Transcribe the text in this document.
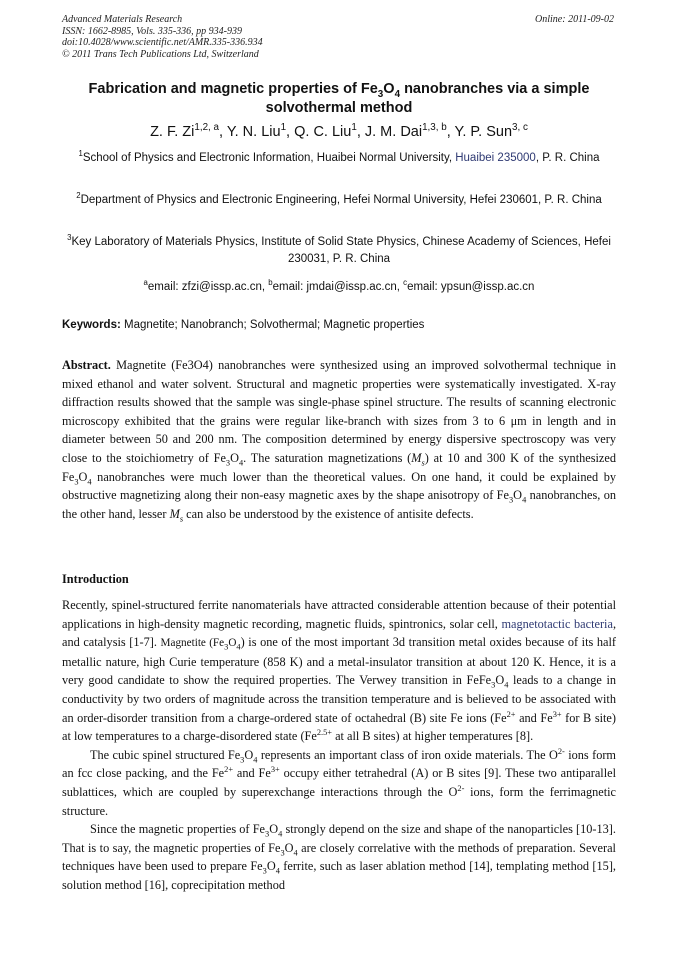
Advanced Materials Research
ISSN: 1662-8985, Vols. 335-336, pp 934-939
doi:10.4028/www.scientific.net/AMR.335-336.934
© 2011 Trans Tech Publications Ltd, Switzerland
Online: 2011-09-02
Fabrication and magnetic properties of $Fe_3O_4$ nanobranches via a simple solvothermal method
Z. F. Zi$^{1,2, a}$, Y. N. Liu$^1$, Q. C. Liu$^1$, J. M. Dai$^{1,3, b}$, Y. P. Sun$^{3, c}$
$^1$School of Physics and Electronic Information, Huaibei Normal University, Huaibei 235000, P. R. China
$^2$Department of Physics and Electronic Engineering, Hefei Normal University, Hefei 230601, P. R. China
$^3$Key Laboratory of Materials Physics, Institute of Solid State Physics, Chinese Academy of Sciences, Hefei 230031, P. R. China
$^a$email: zfzi@issp.ac.cn, $^b$email: jmdai@issp.ac.cn, $^c$email: ypsun@issp.ac.cn
Keywords: Magnetite; Nanobranch; Solvothermal; Magnetic properties
Abstract. Magnetite (Fe3O4) nanobranches were synthesized using an improved solvothermal technique in mixed ethanol and water solvent. Structural and magnetic properties were systematically investigated. X-ray diffraction results showed that the sample was single-phase spinel structure. The results of scanning electronic microscopy exhibited that the grains were regular like-branch with sizes from 3 to 6 μm in length and in diameter between 50 and 200 nm. The composition determined by energy dispersive spectroscopy was very close to the stoichiometry of $Fe_3O_4$. The saturation magnetizations $(M_s)$ at 10 and 300 K of the synthesized $Fe_3O_4$ nanobranches were much lower than the theoretical values. On one hand, it could be explained by obstructive magnetizing along their non-easy magnetic axes by the shape anisotropy of $Fe_3O_4$ nanobranches, on the other hand, lesser $M_s$ can also be understood by the existence of antisite defects.
Introduction

Recently, spinel-structured ferrite nanomaterials have attracted considerable attention because of their potential applications in high-density magnetic recording, magnetic fluids, spintronics, solar cell, magnetotactic bacteria, and catalysis [1-7]. Magnetite $(Fe_3O_4)$ is one of the most important 3d transition metal oxides because of its half metallic nature, high Curie temperature (858 K) and a metal-insulator transition at about 120 K. Hence, it is a very good candidate to show the required properties. The Verwey transition in $FeFe_3O_4$ leads to a change in conductivity by two orders of magnitude across the transition temperature and is believed to be associated with an order-disorder transition from a charge-ordered state of octahedral (B) site Fe ions ($Fe^{2+}$ and $Fe^{3+}$ for B site) at low temperatures to a charge-disordered state ($Fe^{2.5+}$ at all B sites) at higher temperatures [8].

The cubic spinel structured $Fe_3O_4$ represents an important class of iron oxide materials. The $O^{2-}$ ions form an fcc close packing, and the $Fe^{2+}$ and $Fe^{3+}$ occupy either tetrahedral (A) or B sites [9]. These two antiparallel sublattices, which are coupled by superexchange interactions through the $O^{2-}$ ions, form the ferrimagnetic structure.

Since the magnetic properties of $Fe_3O_4$ strongly depend on the size and shape of the nanoparticles [10-13]. That is to say, the magnetic properties of $Fe_3O_4$ are closely correlative with the methods of preparation. Several techniques have been used to prepare $Fe_3O_4$ ferrite, such as laser ablation method [14], templating method [15], solution method [16], coprecipitation method
